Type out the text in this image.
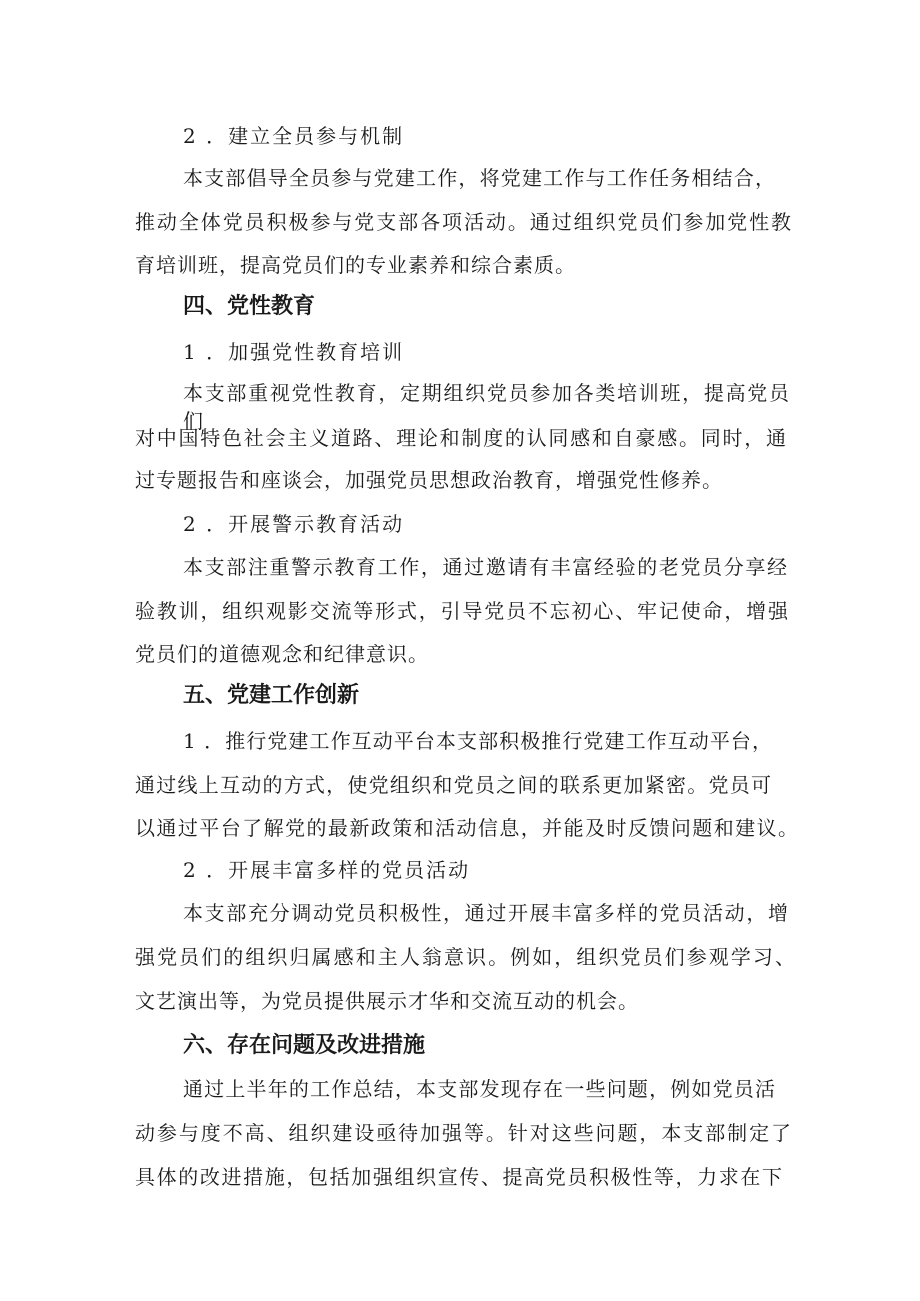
2 ．建立全员参与机制
本支部倡导全员参与党建工作，将党建工作与工作任务相结合，
推动全体党员积极参与党支部各项活动。通过组织党员们参加党性教
育培训班，提高党员们的专业素养和综合素质。
四、党性教育
1 ．加强党性教育培训
本支部重视党性教育，定期组织党员参加各类培训班，提高党员们
对中国特色社会主义道路、理论和制度的认同感和自豪感。同时，通
过专题报告和座谈会，加强党员思想政治教育，增强党性修养。
2 ．开展警示教育活动
本支部注重警示教育工作，通过邀请有丰富经验的老党员分享经
验教训，组织观影交流等形式，引导党员不忘初心、牢记使命，增强
党员们的道德观念和纪律意识。
五、党建工作创新
1 ．推行党建工作互动平台本支部积极推行党建工作互动平台，
通过线上互动的方式，使党组织和党员之间的联系更加紧密。党员可
以通过平台了解党的最新政策和活动信息，并能及时反馈问题和建议。
2 ．开展丰富多样的党员活动
本支部充分调动党员积极性，通过开展丰富多样的党员活动，增
强党员们的组织归属感和主人翁意识。例如，组织党员们参观学习、
文艺演出等，为党员提供展示才华和交流互动的机会。
六、存在问题及改进措施
通过上半年的工作总结，本支部发现存在一些问题，例如党员活
动参与度不高、组织建设亟待加强等。针对这些问题，本支部制定了
具体的改进措施，包括加强组织宣传、提高党员积极性等，力求在下
